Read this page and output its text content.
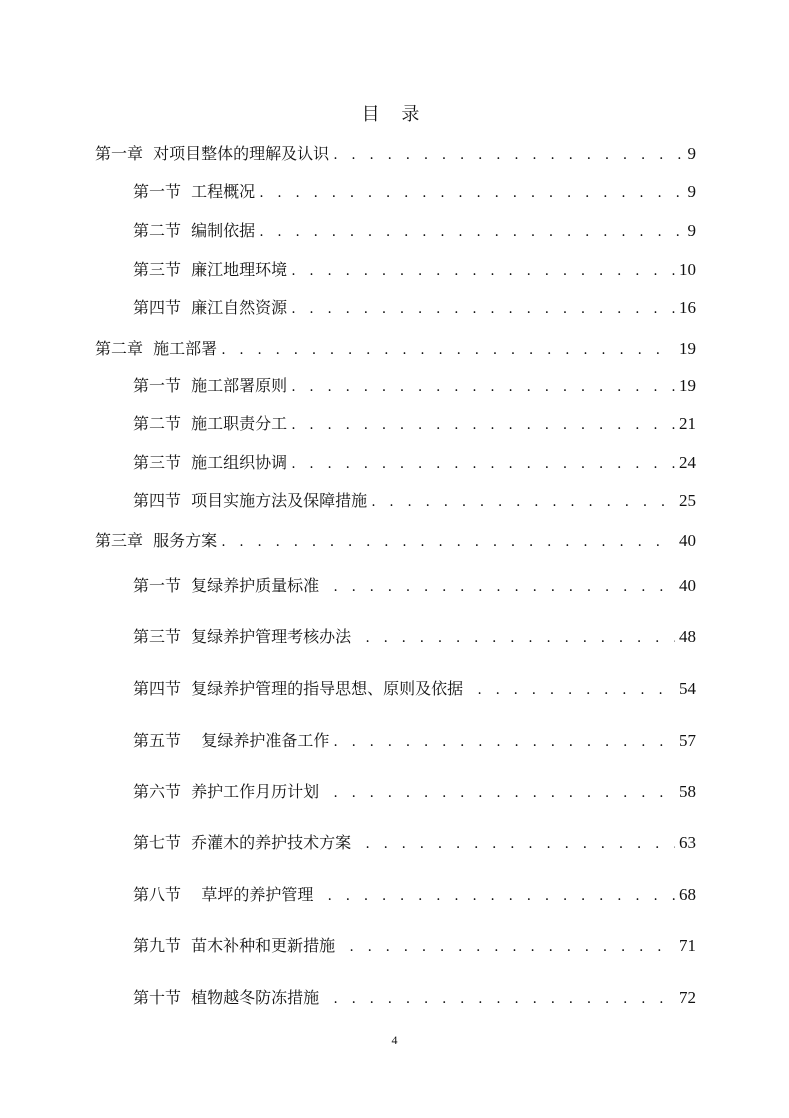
目 录
第一章  对项目整体的理解及认识 . . .	9
第一节  工程概况 . . .	9
第二节  编制依据 . . .	9
第三节  廉江地理环境 . . .	10
第四节  廉江自然资源 . . .	16
第二章  施工部署 . . .	19
第一节  施工部署原则 . . .	19
第二节  施工职责分工 . . .	21
第三节  施工组织协调 . . .	24
第四节  项目实施方法及保障措施 . . .	25
第三章  服务方案 . . .	40
第一节  复绿养护质量标准 . . .	40
第三节  复绿养护管理考核办法 . . .	48
第四节  复绿养护管理的指导思想、原则及依据 . . .	54
第五节    复绿养护准备工作 . . .	57
第六节  养护工作月历计划 . . .	58
第七节  乔灌木的养护技术方案 . . .	63
第八节    草坪的养护管理 . . .	68
第九节  苗木补种和更新措施 . . .	71
第十节  植物越冬防冻措施 . . .	72
4
